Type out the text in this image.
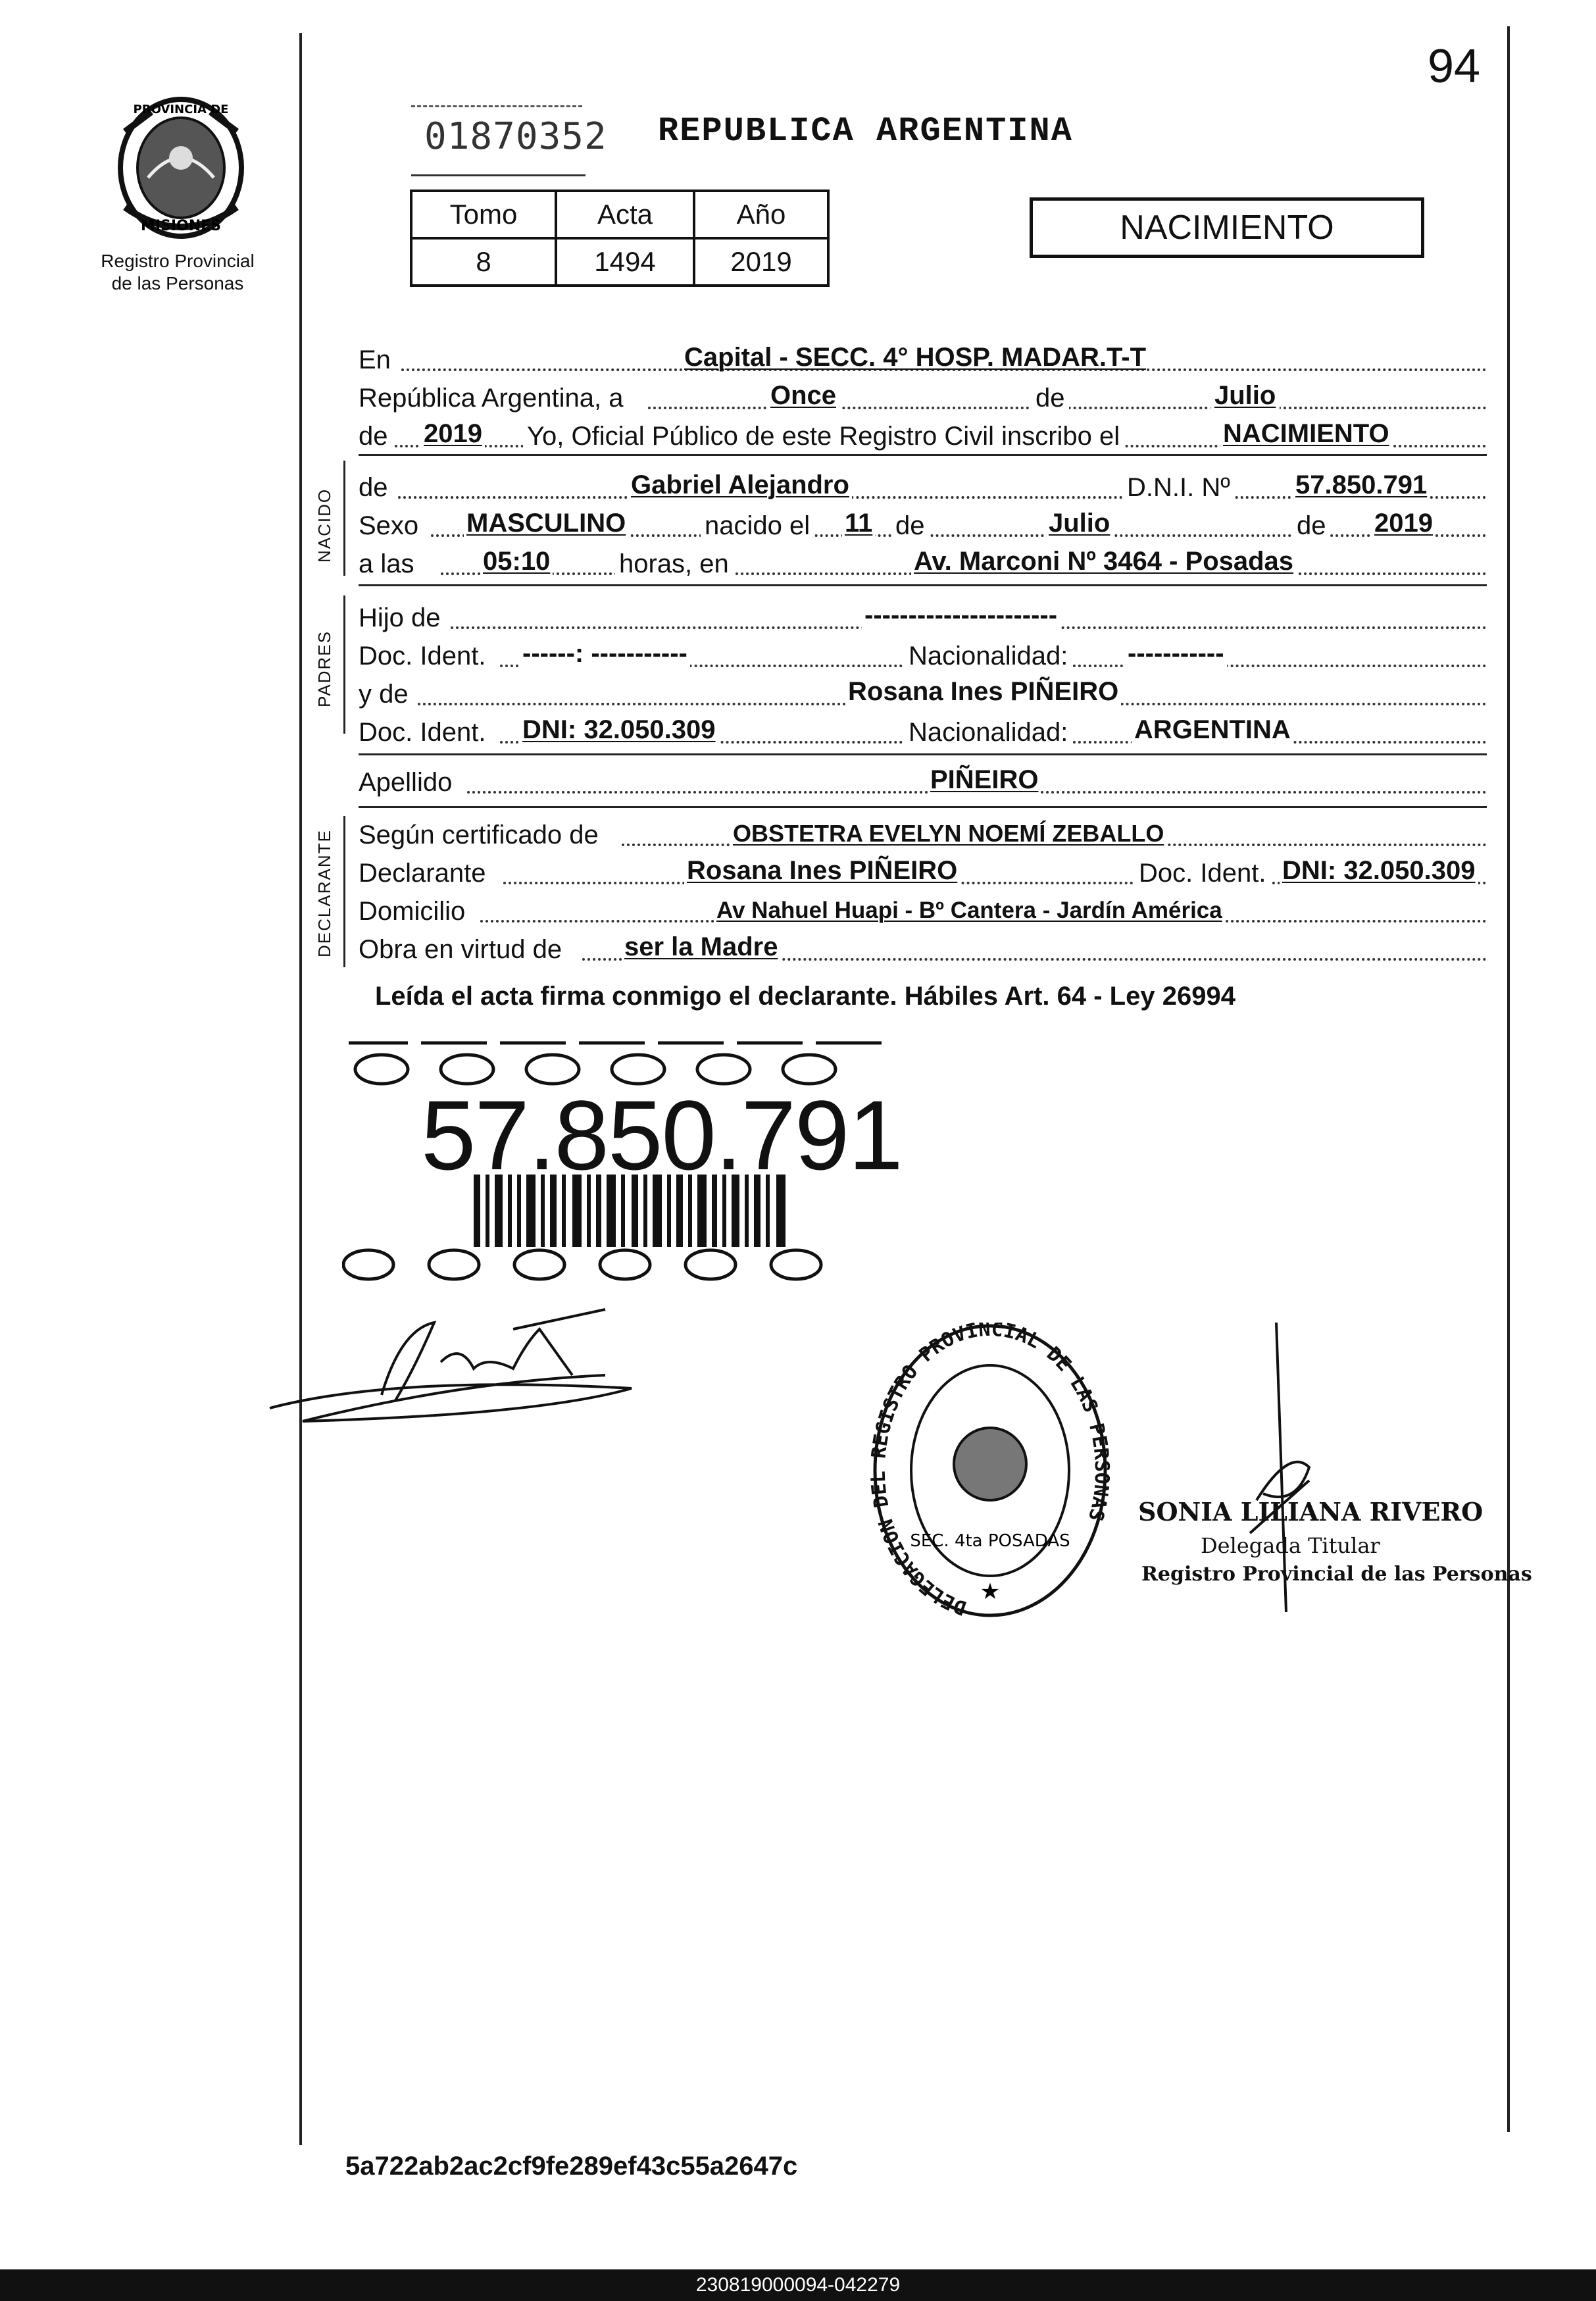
94
PROVINCIA DE
MISIONES
Registro Provincial
de las Personas
01870352 REPUBLICA ARGENTINA
Tomo	Acta	Año
8	1494	2019
NACIMIENTO
En	Capital - SECC. 4° HOSP. MADAR.T-T
República Argentina, a	Once	de	Julio
de 2019 Yo, Oficial Público de este Registro Civil inscribo el	NACIMIENTO
NACIDO
de	Gabriel Alejandro	D.N.I. Nº 57.850.791
Sexo MASCULINO	nacido el 11 de	Julio	de 2019
a las	05:10	horas, en	Av. Marconi Nº 3464 - Posadas
PADRES
Hijo de	----------------------
Doc. Ident. ------: -----------	Nacionalidad: -----------
y de	Rosana Ines PIÑEIRO
Doc. Ident. DNI: 32.050.309	Nacionalidad:	ARGENTINA
Apellido	PIÑEIRO
DECLARANTE Según certificado de	OBSTETRA EVELYN NOEMÍ ZEBALLO
Declarante	Rosana Ines PIÑEIRO	Doc. Ident. DNI: 32.050.309
Domicilio	Av Nahuel Huapi - Bº Cantera - Jardín América
Obra en virtud de ser la Madre
Leída el acta firma conmigo el declarante. Hábiles Art. 64 - Ley 26994
57.850.791
DELEGACION DEL REGISTRO PROVINCIAL DE LAS PERSONAS
SEC. 4ta POSADAS
★
SONIA LILIANA RIVERO
Delegada Titular
Registro Provincial de las Personas
5a722ab2ac2cf9fe289ef43c55a2647c
230819000094-042279
